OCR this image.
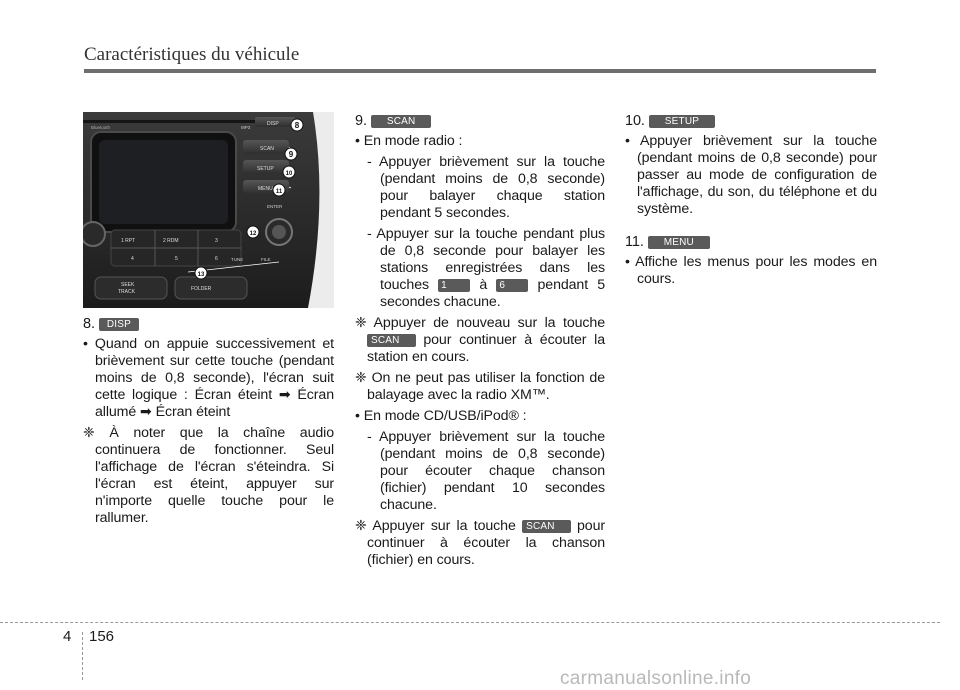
Caractéristiques du véhicule
DISP
SCAN
SETUP
MENU
ENTER
MP3
Bluetooth
1 RPT	2 RDM	3
4	5	6	TUNE	FILE
SEEK
TRACK	FOLDER
8
9
10
11
12
13
8. DISP

• Quand on appuie successivement et brièvement sur cette touche (pendant moins de 0,8 seconde), l'écran suit cette logique : Écran éteint ➡ Écran allumé ➡ Écran éteint

❈ À noter que la chaîne audio continuera de fonctionner. Seul l'affichage de l'écran s'éteindra. Si l'écran est éteint, appuyer sur n'importe quelle touche pour le rallumer.

9. SCAN

• En mode radio :

- Appuyer brièvement sur la touche (pendant moins de 0,8 seconde) pour balayer chaque station pendant 5 secondes.

- Appuyer sur la touche pendant plus de 0,8 seconde pour balayer les stations enregistrées dans les touches 1 à 6 pendant 5 secondes chacune.

❈ Appuyer de nouveau sur la touche SCAN pour continuer à écouter la station en cours.

❈ On ne peut pas utiliser la fonction de balayage avec la radio XM™.

• En mode CD/USB/iPod® :

- Appuyer brièvement sur la touche (pendant moins de 0,8 seconde) pour écouter chaque chanson (fichier) pendant 10 secondes chacune.

❈ Appuyer sur la touche SCAN pour continuer à écouter la chanson (fichier) en cours.

10. SETUP

• Appuyer brièvement sur la touche (pendant moins de 0,8 seconde) pour passer au mode de configuration de l'affichage, du son, du téléphone et du système.

11. MENU

• Affiche les menus pour les modes en cours.

4 156
carmanualsonline.info
